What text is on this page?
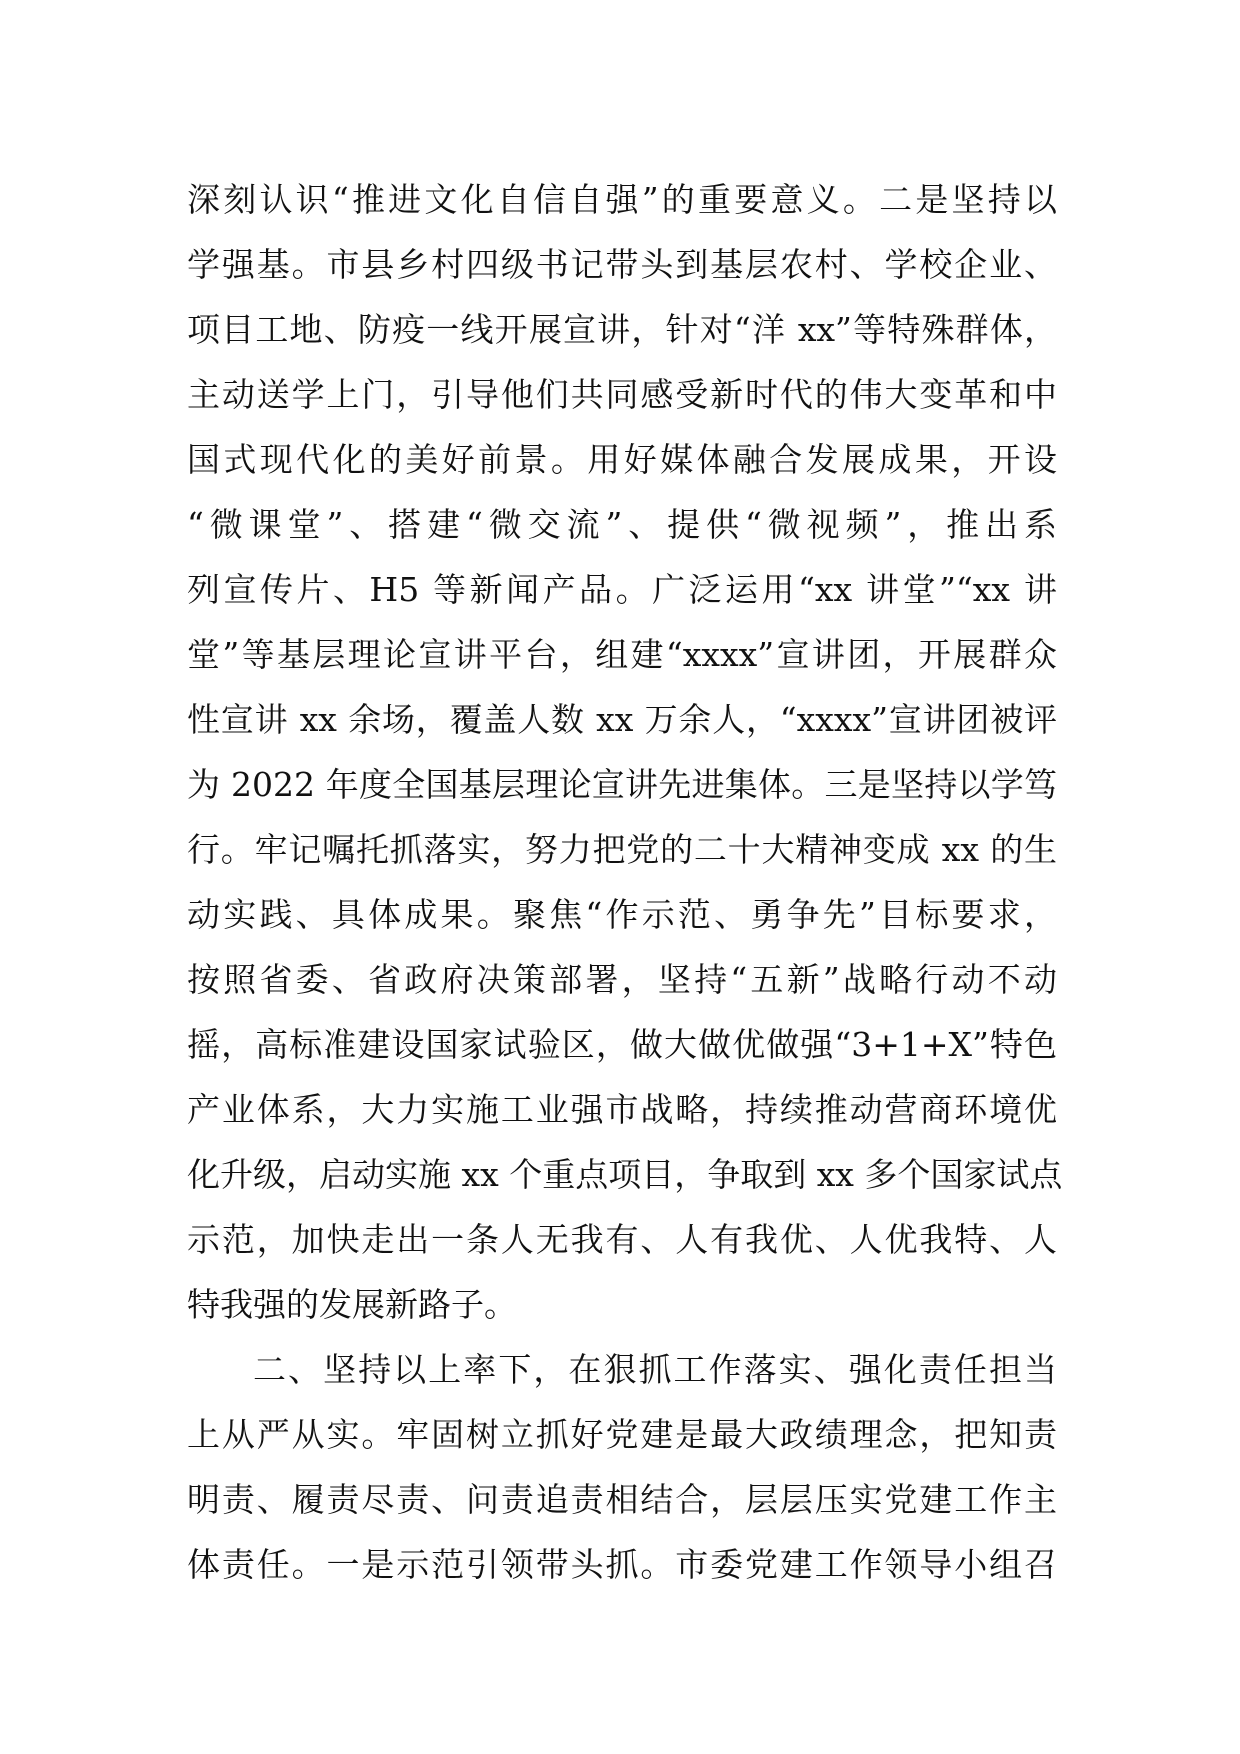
深刻认识“推进文化自信自强”的重要意义。二是坚持以
学强基。市县乡村四级书记带头到基层农村、学校企业、
项目工地、防疫一线开展宣讲，针对“洋 xx”等特殊群体，
主动送学上门，引导他们共同感受新时代的伟大变革和中
国式现代化的美好前景。用好媒体融合发展成果，开设
“微课堂”、搭建“微交流”、提供“微视频”，推出系
列宣传片、H5 等新闻产品。广泛运用“xx 讲堂”“xx 讲
堂”等基层理论宣讲平台，组建“xxxx”宣讲团，开展群众
性宣讲 xx 余场，覆盖人数 xx 万余人，“xxxx”宣讲团被评
为 2022 年度全国基层理论宣讲先进集体。三是坚持以学笃
行。牢记嘱托抓落实，努力把党的二十大精神变成 xx 的生
动实践、具体成果。聚焦“作示范、勇争先”目标要求，
按照省委、省政府决策部署，坚持“五新”战略行动不动
摇，高标准建设国家试验区，做大做优做强“3+1+X”特色
产业体系，大力实施工业强市战略，持续推动营商环境优
化升级，启动实施 xx 个重点项目，争取到 xx 多个国家试点
示范，加快走出一条人无我有、人有我优、人优我特、人
特我强的发展新路子。
二、坚持以上率下，在狠抓工作落实、强化责任担当
上从严从实。牢固树立抓好党建是最大政绩理念，把知责
明责、履责尽责、问责追责相结合，层层压实党建工作主
体责任。一是示范引领带头抓。市委党建工作领导小组召
